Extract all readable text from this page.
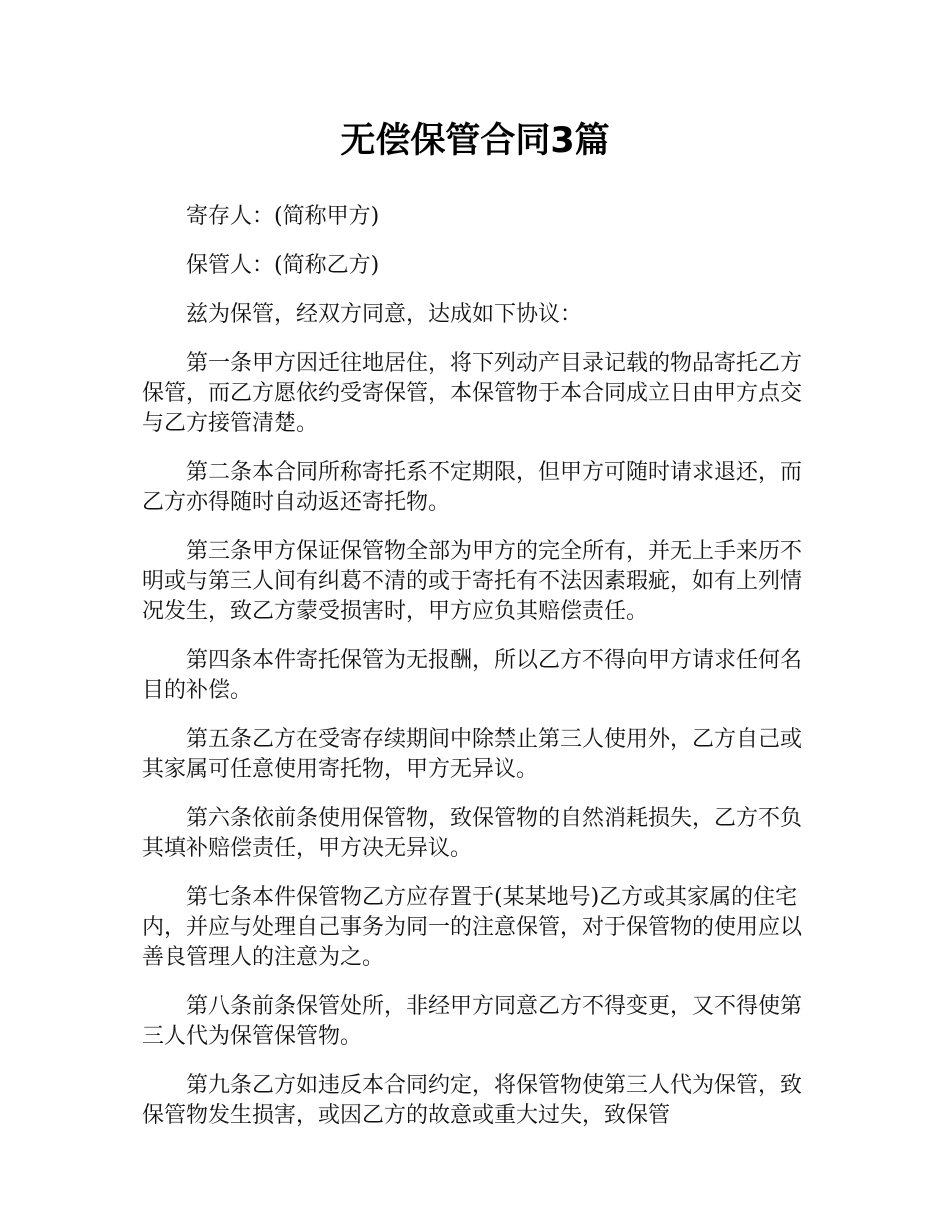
无偿保管合同3篇

寄存人：(简称甲方)

保管人：(简称乙方)

兹为保管，经双方同意，达成如下协议：

第一条甲方因迁往地居住，将下列动产目录记载的物品寄托乙方保管，而乙方愿依约受寄保管，本保管物于本合同成立日由甲方点交与乙方接管清楚。

第二条本合同所称寄托系不定期限，但甲方可随时请求退还，而乙方亦得随时自动返还寄托物。

第三条甲方保证保管物全部为甲方的完全所有，并无上手来历不明或与第三人间有纠葛不清的或于寄托有不法因素瑕疵，如有上列情况发生，致乙方蒙受损害时，甲方应负其赔偿责任。

第四条本件寄托保管为无报酬，所以乙方不得向甲方请求任何名目的补偿。

第五条乙方在受寄存续期间中除禁止第三人使用外，乙方自己或其家属可任意使用寄托物，甲方无异议。

第六条依前条使用保管物，致保管物的自然消耗损失，乙方不负其填补赔偿责任，甲方决无异议。

第七条本件保管物乙方应存置于(某某地号)乙方或其家属的住宅内，并应与处理自己事务为同一的注意保管，对于保管物的使用应以善良管理人的注意为之。

第八条前条保管处所，非经甲方同意乙方不得变更，又不得使第三人代为保管保管物。

第九条乙方如违反本合同约定，将保管物使第三人代为保管，致保管物发生损害，或因乙方的故意或重大过失，致保管
